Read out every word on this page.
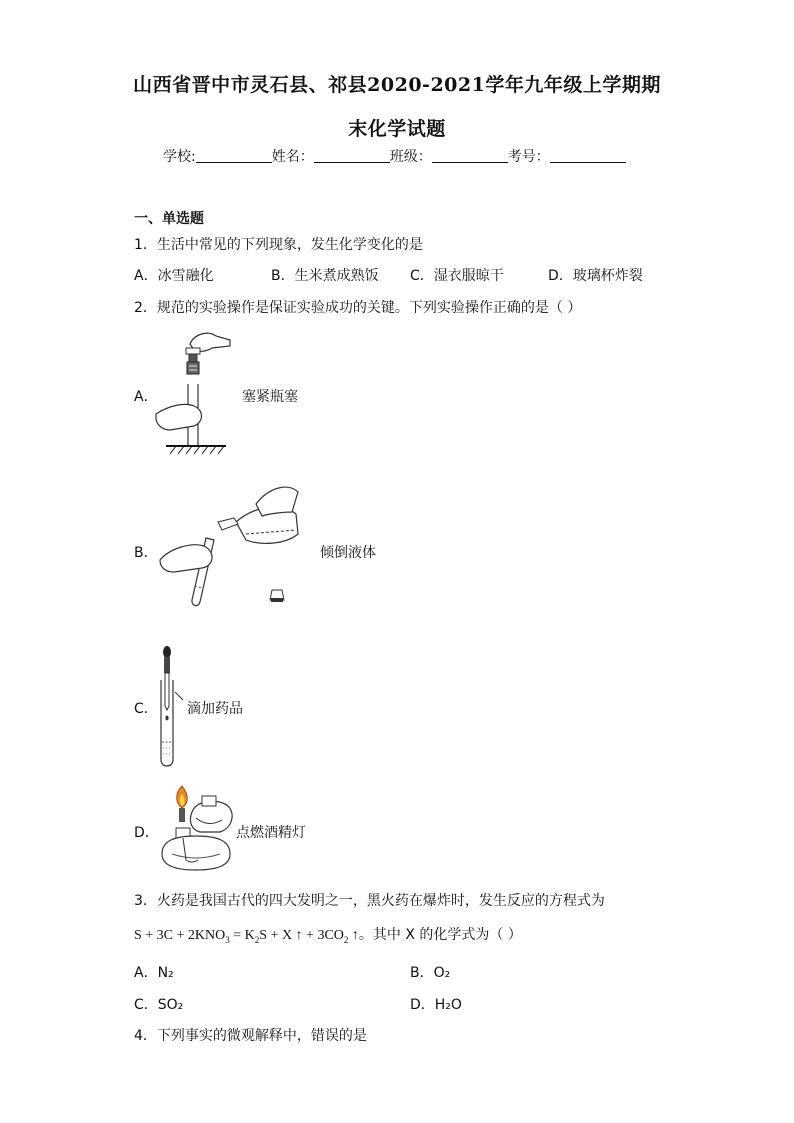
山西省晋中市灵石县、祁县2020-2021学年九年级上学期期
末化学试题
学校:	姓名：	班级：	考号：
一、单选题
1．生活中常见的下列现象，发生化学变化的是
A．冰雪融化	B．生米煮成熟饭 C．湿衣服晾干	D．玻璃杯炸裂
2．规范的实验操作是保证实验成功的关键。下列实验操作正确的是（ ）
A．	塞紧瓶塞
B．	倾倒液体
C． 滴加药品
D．	点燃酒精灯
3．火药是我国古代的四大发明之一，黑火药在爆炸时，发生反应的方程式为
$S + 3C + 2KNO_3 = K_2S + X$ ↑ + $3CO_2$ ↑。其中 X 的化学式为（ ）
A．N₂	B．O₂
C．SO₂	D．H₂O
4．下列事实的微观解释中，错误的是
